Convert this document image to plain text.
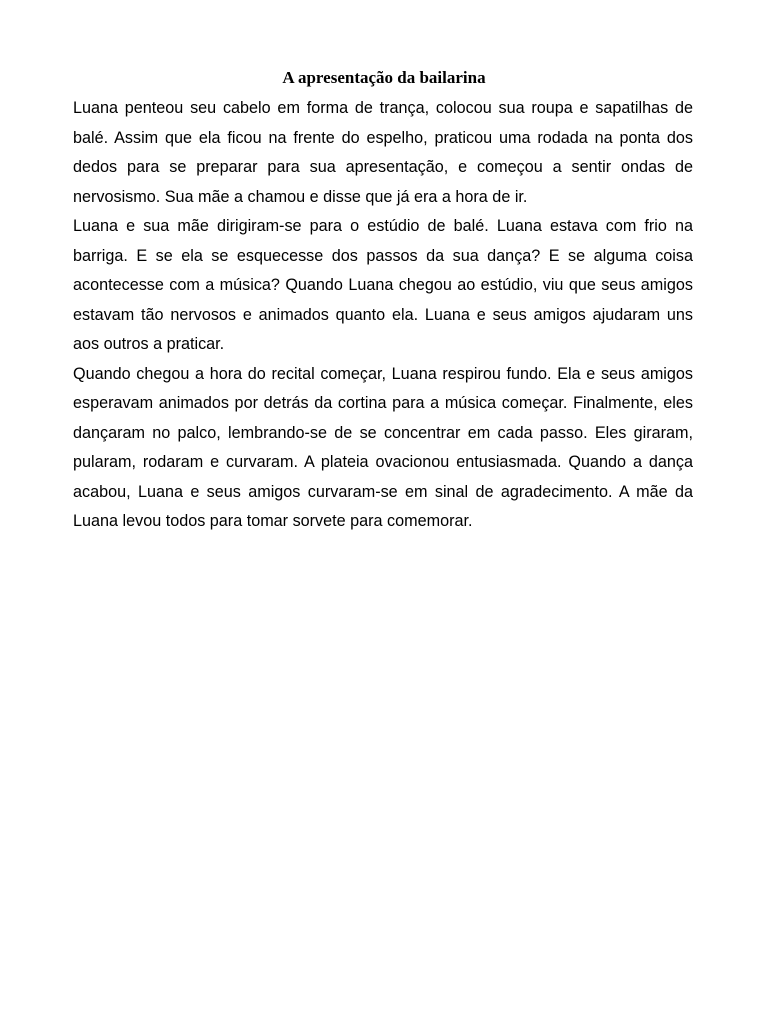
A apresentação da bailarina

Luana penteou seu cabelo em forma de trança, colocou sua roupa e sapatilhas de balé. Assim que ela ficou na frente do espelho, praticou uma rodada na ponta dos dedos para se preparar para sua apresentação, e começou a sentir ondas de nervosismo. Sua mãe a chamou e disse que já era a hora de ir.

Luana e sua mãe dirigiram-se para o estúdio de balé. Luana estava com frio na barriga. E se ela se esquecesse dos passos da sua dança? E se alguma coisa acontecesse com a música? Quando Luana chegou ao estúdio, viu que seus amigos estavam tão nervosos e animados quanto ela. Luana e seus amigos ajudaram uns aos outros a praticar.

Quando chegou a hora do recital começar, Luana respirou fundo. Ela e seus amigos esperavam animados por detrás da cortina para a música começar. Finalmente, eles dançaram no palco, lembrando-se de se concentrar em cada passo. Eles giraram, pularam, rodaram e curvaram. A plateia ovacionou entusiasmada. Quando a dança acabou, Luana e seus amigos curvaram-se em sinal de agradecimento. A mãe da Luana levou todos para tomar sorvete para comemorar.
